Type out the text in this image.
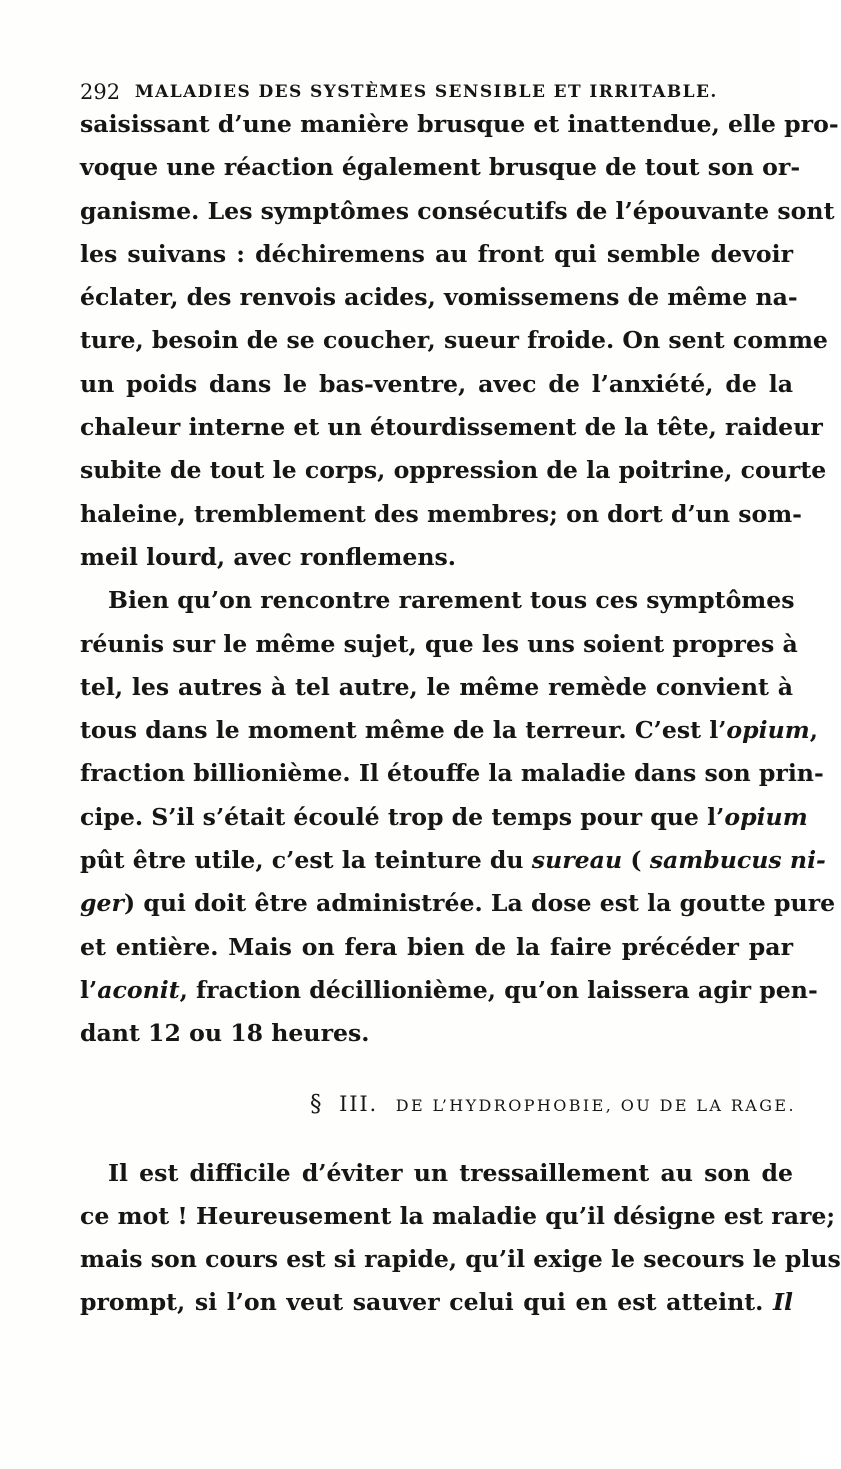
292 MALADIES DES SYSTÈMES SENSIBLE ET IRRITABLE.
saisissant d’une manière brusque et inattendue, elle pro-
voque une réaction également brusque de tout son or-
ganisme. Les symptômes consécutifs de l’épouvante sont
les suivans : déchiremens au front qui semble devoir
éclater, des renvois acides, vomissemens de même na-
ture, besoin de se coucher, sueur froide. On sent comme
un poids dans le bas-ventre, avec de l’anxiété, de la
chaleur interne et un étourdissement de la tête, raideur
subite de tout le corps, oppression de la poitrine, courte
haleine, tremblement des membres; on dort d’un som-
meil lourd, avec ronflemens.
Bien qu’on rencontre rarement tous ces symptômes
réunis sur le même sujet, que les uns soient propres à
tel, les autres à tel autre, le même remède convient à
tous dans le moment même de la terreur. C’est l’opium,
fraction billionième. Il étouffe la maladie dans son prin-
cipe. S’il s’était écoulé trop de temps pour que l’opium
pût être utile, c’est la teinture du sureau ( sambucus ni-
ger) qui doit être administrée. La dose est la goutte pure
et entière. Mais on fera bien de la faire précéder par
l’aconit, fraction décillionième, qu’on laissera agir pen-
dant 12 ou 18 heures.
§ III. DE L’HYDROPHOBIE, OU DE LA RAGE.
Il est difficile d’éviter un tressaillement au son de
ce mot ! Heureusement la maladie qu’il désigne est rare;
mais son cours est si rapide, qu’il exige le secours le plus
prompt, si l’on veut sauver celui qui en est atteint. Il
